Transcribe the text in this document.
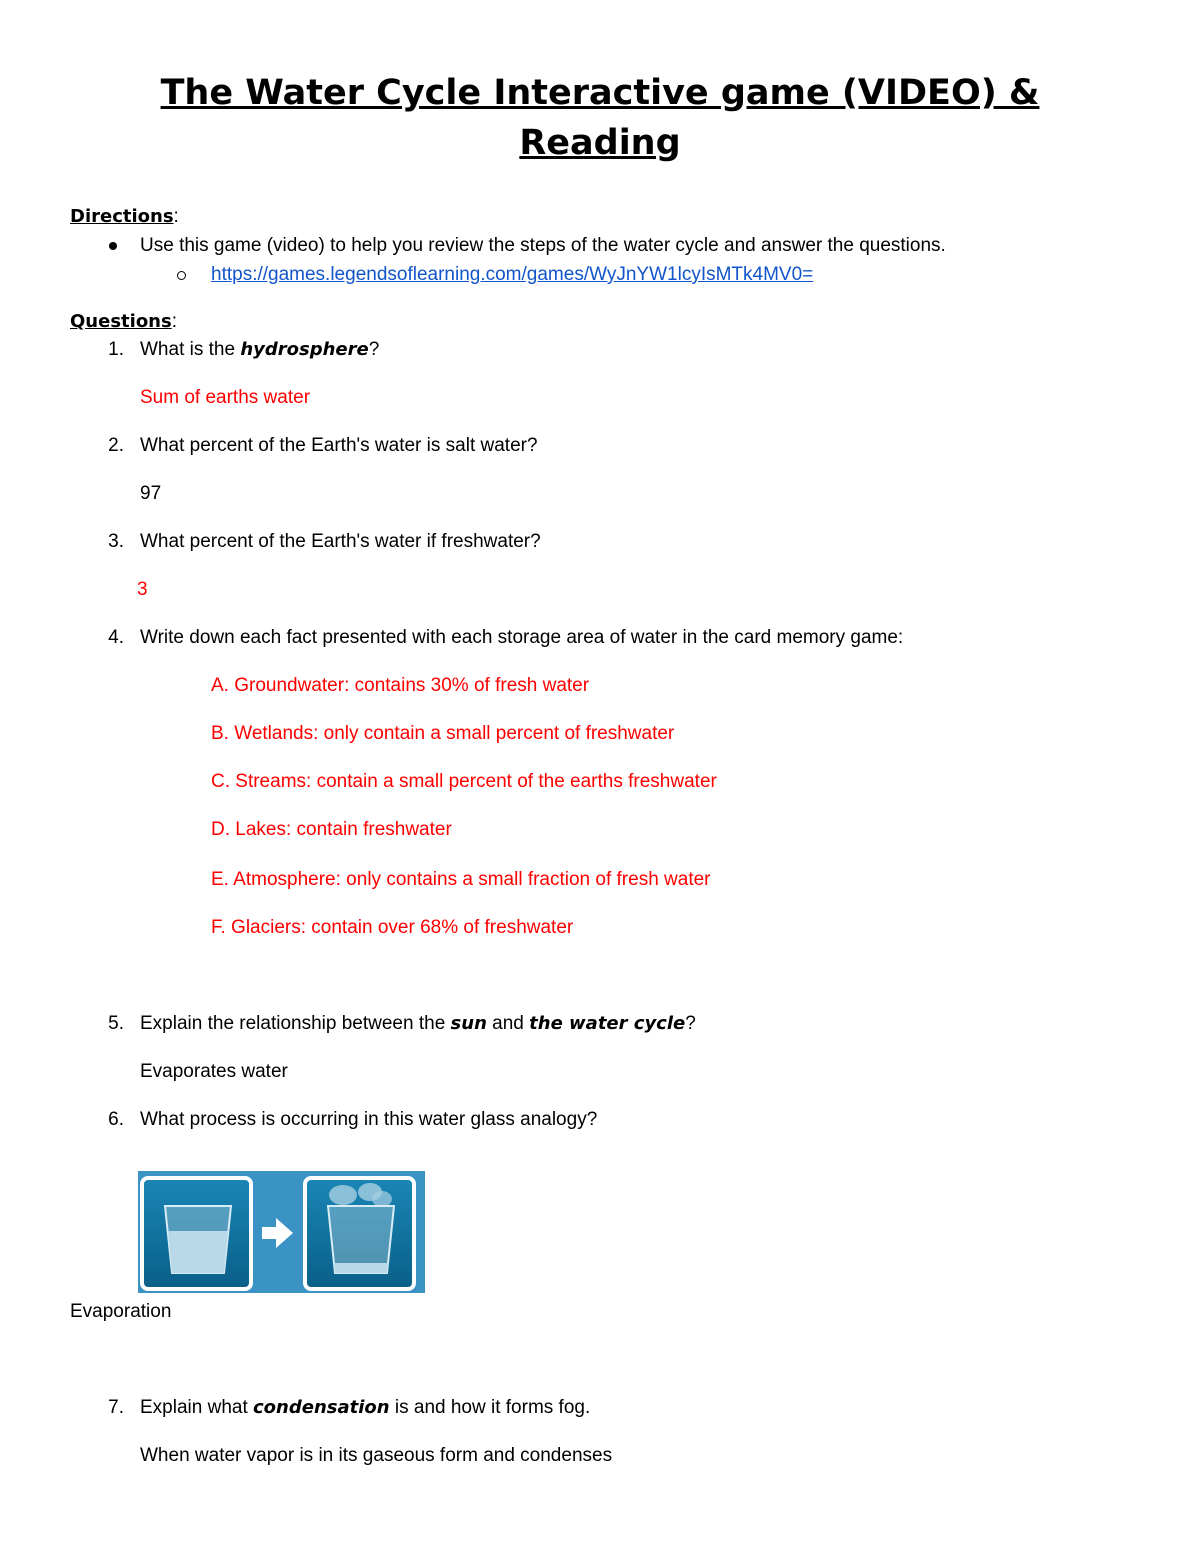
The Water Cycle Interactive game (VIDEO) &
Reading
Directions:
Use this game (video) to help you review the steps of the water cycle and answer the questions.
https://games.legendsoflearning.com/games/WyJnYW1lcyIsMTk4MV0=
Questions:
1. What is the hydrosphere?
Sum of earths water
2. What percent of the Earth's water is salt water?
97
3. What percent of the Earth's water if freshwater?
3
4. Write down each fact presented with each storage area of water in the card memory game:
A. Groundwater: contains 30% of fresh water
B. Wetlands: only contain a small percent of freshwater
C. Streams: contain a small percent of the earths freshwater
D. Lakes: contain freshwater
E. Atmosphere: only contains a small fraction of fresh water
F. Glaciers: contain over 68% of freshwater
5. Explain the relationship between the sun and the water cycle?
Evaporates water
6. What process is occurring in this water glass analogy?
Evaporation
7. Explain what condensation is and how it forms fog.
When water vapor is in its gaseous form and condenses
